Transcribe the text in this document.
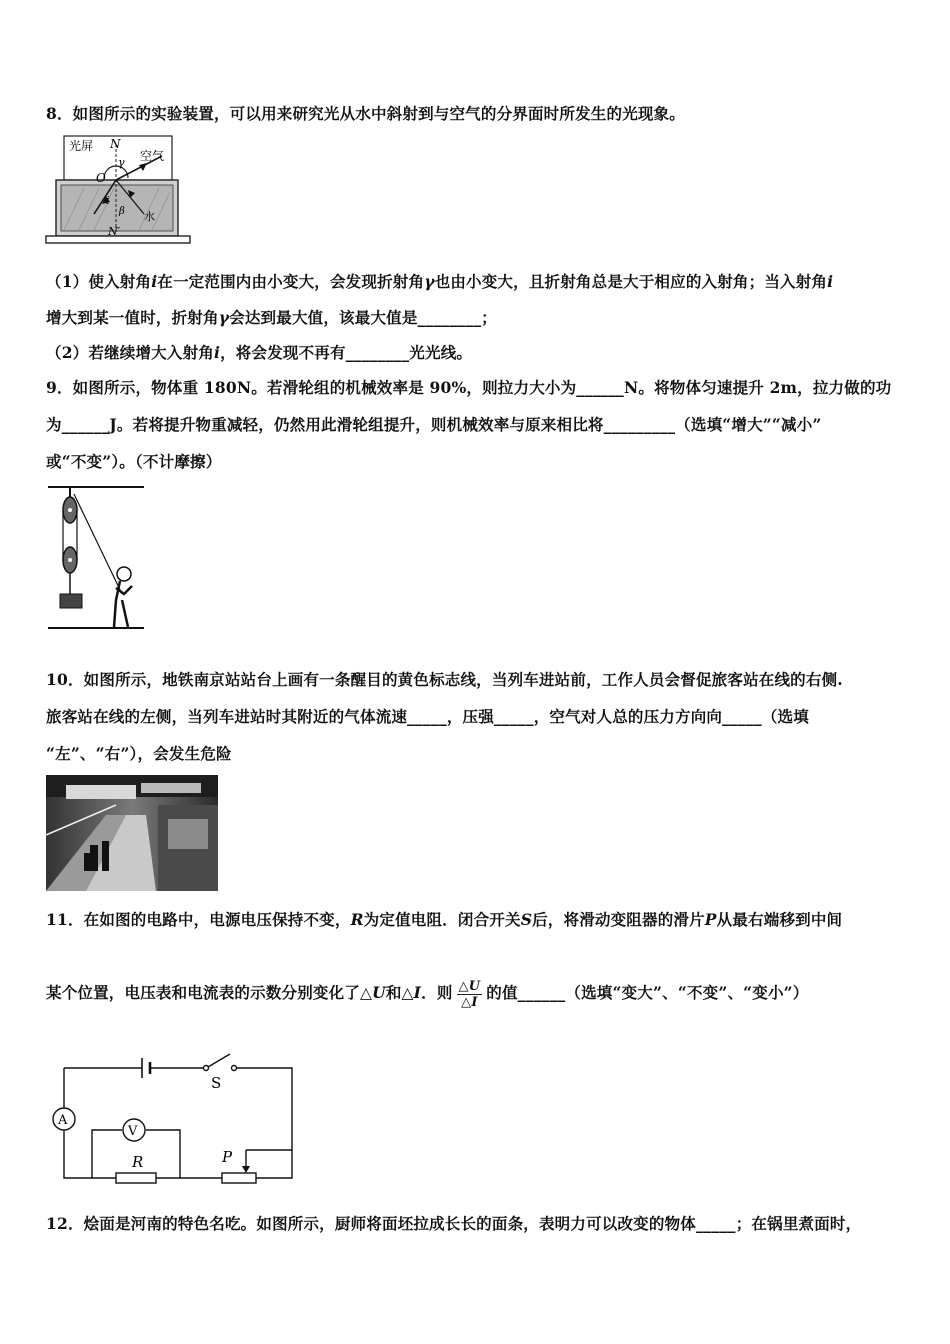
8．如图所示的实验装置，可以用来研究光从水中斜射到与空气的分界面时所发生的光现象。
光屏 N
空气
O
γ
i
β 水
N′
（1）使入射角i在一定范围内由小变大，会发现折射角γ也由小变大，且折射角总是大于相应的入射角；当入射角i
增大到某一值时，折射角γ会达到最大值，该最大值是________；
（2）若继续增大入射角i，将会发现不再有________光光线。
9．如图所示，物体重 180N。若滑轮组的机械效率是 90%，则拉力大小为______N。将物体匀速提升 2m，拉力做的功
为______J。若将提升物重减轻，仍然用此滑轮组提升，则机械效率与原来相比将_________（选填“增大”“减小”
或“不变”）。（不计摩擦）
10．如图所示，地铁南京站站台上画有一条醒目的黄色标志线，当列车进站前，工作人员会督促旅客站在线的右侧.
旅客站在线的左侧，当列车进站时其附近的气体流速_____，压强_____，空气对人总的压力方向向_____（选填
“左”、“右”），会发生危险
11．在如图的电路中，电源电压保持不变，R为定值电阻．闭合开关S后，将滑动变阻器的滑片P从最右端移到中间
某个位置，电压表和电流表的示数分别变化了△U和△I．则 $\frac{\triangle U}{\triangle I}$ 的值______（选填“变大”、“不变”、“变小”）
S
A
V
R	P
12．烩面是河南的特色名吃。如图所示，厨师将面坯拉成长长的面条，表明力可以改变的物体_____；在锅里煮面时，
